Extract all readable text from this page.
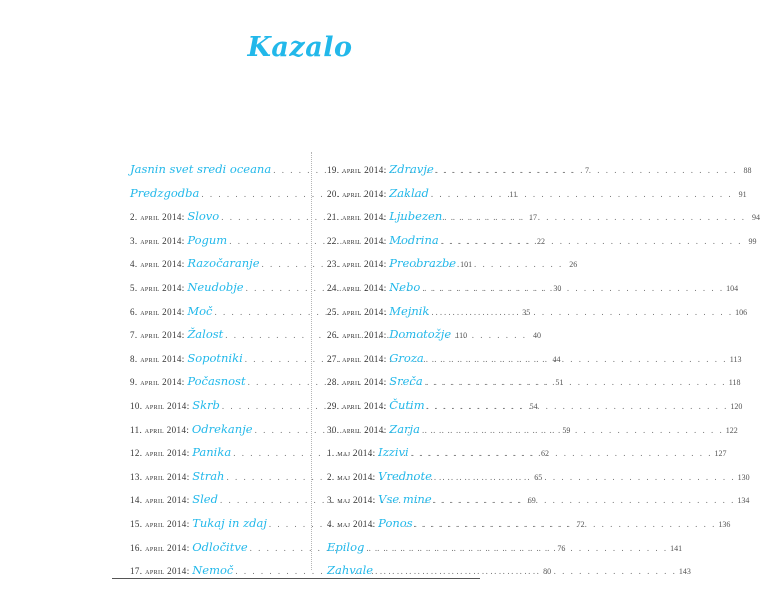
Kazalo
Jasnin svet sredi oceana . . .	7
Predzgodba . . .	11
2. april 2014 : Slovo . . .	17
3. april 2014 : Pogum . . .	22
4. april 2014 : Razočaranje . . .	26
5. april 2014 : Neudobje . . .	30
6. april 2014 : Moč . . .	35
7. april 2014 : Žalost . . .	40
8. april 2014 : Sopotniki . . .	44
9. april 2014 : Počasnost . . .	51
10. april 2014 : Skrb . . .	54
11. april 2014 : Odrekanje . . .	59
12. april 2014 : Panika . . .	62
13. april 2014 : Strah . . .	65
14. april 2014 : Sled . . .	69
15. april 2014 : Tukaj in zdaj . . .	72
16. april 2014 : Odločitve . . .	76
17. april 2014 : Nemoč . . .	80
19. april 2014 : Zdravje . . .	88
20. april 2014 : Zaklad . . .	91
21. april 2014 : Ljubezen . . .	94
22. april 2014 : Modrina . . .	99
23. april 2014 : Preobrazbe 101
24. april 2014 : Nebo . . .	104
25. april 2014 : Mejnik . . .	106
26. april 2014 : Domotožje 110
27. april 2014 : Groza . . .	113
28. april 2014 : Sreča . . .	118
29. april 2014 : Čutim . . .	120
30. april 2014 : Zarja . . .	122
1. maj 2014 : Izzivi . . .	127
2. maj 2014 : Vrednote . . .	130
3. maj 2014 : Vse mine . . .	134
4. maj 2014 : Ponos . . .	136
Epilog . . .	141
Zahvale . . .	143
